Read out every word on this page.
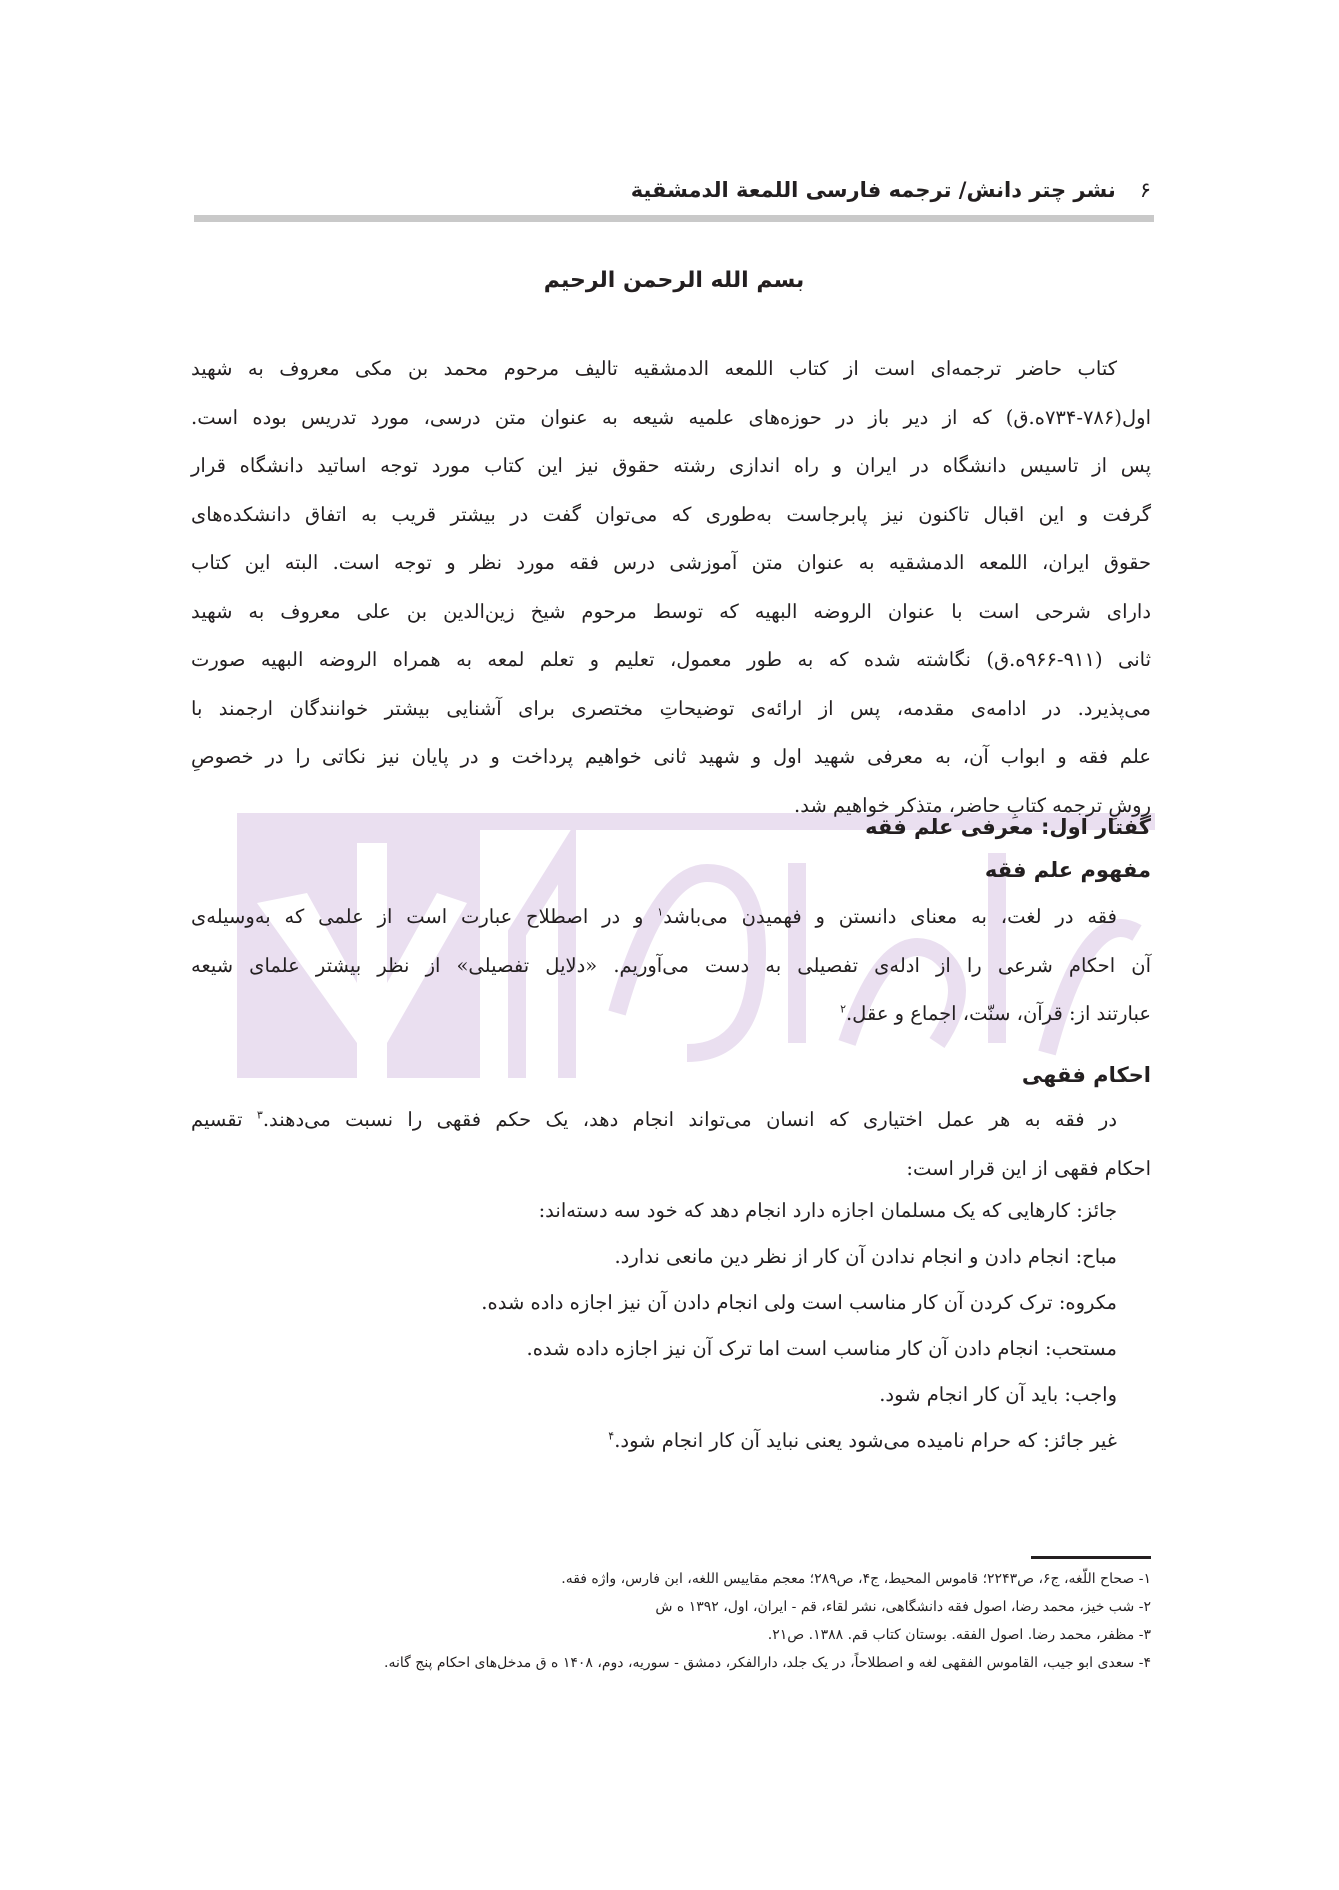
۶
نشر چتر دانش/ ترجمه فارسی اللمعة الدمشقیة
بسم الله الرحمن الرحیم
کتاب حاضر ترجمه‌ای است از کتاب اللمعه الدمشقیه تالیف مرحوم محمد بن مکی معروف به شهید
اول(۷۸۶-۷۳۴ه.ق) که از دیر باز در حوزه‌های علمیه شیعه به عنوان متن درسی، مورد تدریس بوده است.
پس از تاسیس دانشگاه در ایران و راه اندازی رشته حقوق نیز این کتاب مورد توجه اساتید دانشگاه قرار
گرفت و این اقبال تاکنون نیز پابرجاست به‌طوری که می‌توان گفت در بیشتر قریب به اتفاق دانشکده‌های
حقوق ایران، اللمعه الدمشقیه به عنوان متن آموزشی درس فقه مورد نظر و توجه است. البته این کتاب
دارای شرحی است با عنوان الروضه البهیه که توسط مرحوم شیخ زین‌الدین بن علی معروف به شهید
ثانی (۹۱۱-۹۶۶ه.ق) نگاشته شده که به طور معمول، تعلیم و تعلم لمعه به همراه الروضه البهیه صورت
می‌پذیرد. در ادامه‌ی مقدمه، پس از ارائه‌ی توضیحاتِ مختصری برای آشنایی بیشتر خوانندگان ارجمند با
علم فقه و ابواب آن، به معرفی شهید اول و شهید ثانی خواهیم پرداخت و در پایان نیز نکاتی را در خصوصِ
روشِ ترجمه کتابِ حاضر، متذکر خواهیم شد.
گفتار اول: معرفی علم فقه
مفهوم علم فقه
فقه در لغت، به معنای دانستن و فهمیدن می‌باشد$^۱$ و در اصطلاح عبارت است از علمی که به‌وسیله‌ی
آن احکام شرعی را از ادله‌ی تفصیلی به دست می‌آوریم. «دلایل تفصیلی» از نظر بیشتر علمای شیعه
عبارتند از: قرآن، سنّت، اجماع و عقل.$^۲$
احکام فقهی
در فقه به هر عمل اختیاری که انسان می‌تواند انجام دهد، یک حکم فقهی را نسبت می‌دهند.$^۳$ تقسیم
احکام فقهی از این قرار است:
جائز: کارهایی که یک مسلمان اجازه دارد انجام دهد که خود سه دسته‌اند:
مباح: انجام دادن و انجام ندادن آن کار از نظر دین مانعی ندارد.
مکروه: ترک کردن آن کار مناسب است ولی انجام دادن آن نیز اجازه داده شده.
مستحب: انجام دادن آن کار مناسب است اما ترک آن نیز اجازه داده شده.
واجب: باید آن کار انجام شود.
غیر جائز: که حرام نامیده می‌شود یعنی نباید آن کار انجام شود.$^۴$
۱- صحاح اللّغه، ج۶، ص۲۲۴۳؛ قاموس المحیط، ج۴، ص۲۸۹؛ معجم مقاییس اللغه، ابن فارس، واژه فقه.
۲- شب خیز، محمد رضا، اصول فقه دانشگاهی، نشر لقاء، قم - ایران، اول، ۱۳۹۲ ه ش
۳- مظفر، محمد رضا. اصول الفقه. بوستان کتاب قم. ۱۳۸۸. ص۲۱.
۴- سعدی ابو جیب، القاموس الفقهی لغه و اصطلاحاً، در یک جلد، دارالفکر، دمشق - سوریه، دوم، ۱۴۰۸ ه ق مدخل‌های احکام پنج گانه.
